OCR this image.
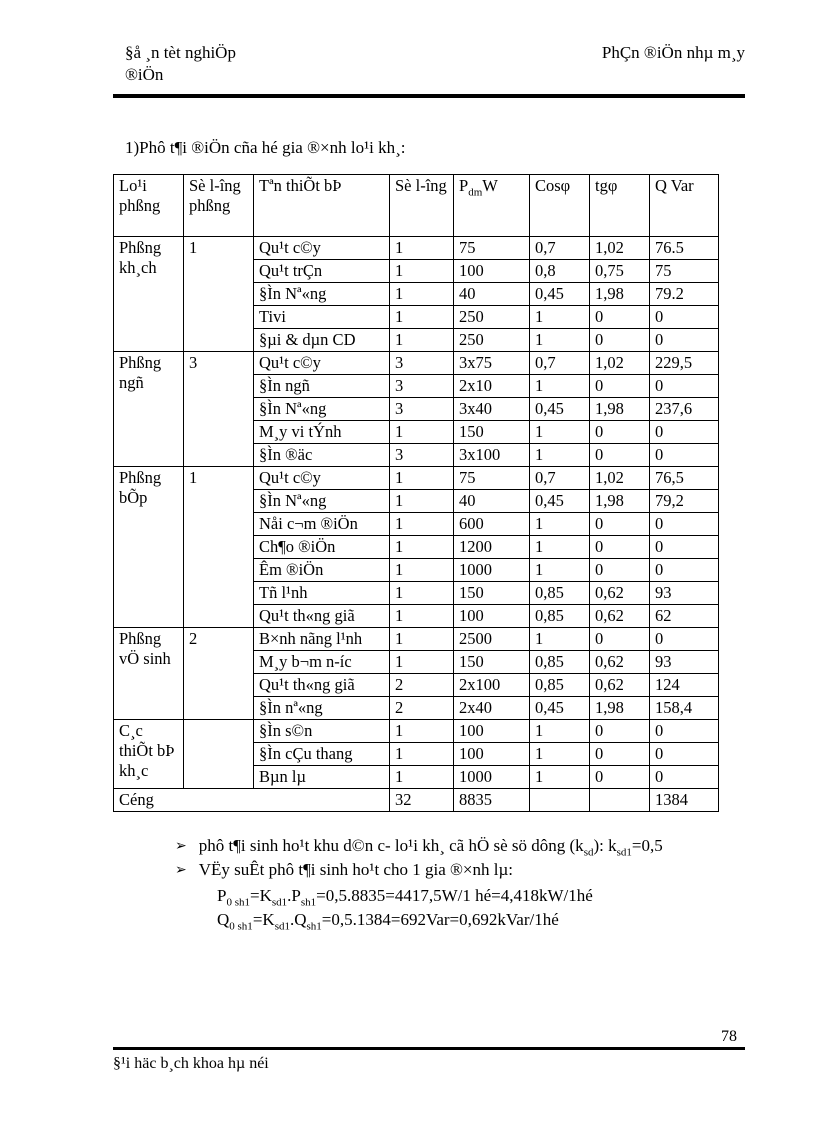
§å ¸n tèt nghiÖp
®iÖn
PhÇn ®iÖn nhµ m¸y

1)Phô t¶i ®iÖn cña hé gia ®×nh lo¹i kh¸:

Lo¹i phßng	Sè l-îng phßng	Tªn thiÕt bÞ	Sè l-îng	$P_{dm}W$	Cosφ	tgφ	Q Var
Phßng kh¸ch	1	Qu¹t c©y	1	75	0,7	1,02	76.5
		Qu¹t trÇn	1	100	0,8	0,75	75
		§Ìn Nª«ng	1	40	0,45	1,98	79.2
		Tivi	1	250	1	0	0
		§µi & dµn CD	1	250	1	0	0
Phßng ngñ	3	Qu¹t c©y	3	3x75	0,7	1,02	229,5
		§Ìn ngñ	3	2x10	1	0	0
		§Ìn Nª«ng	3	3x40	0,45	1,98	237,6
		M¸y vi tÝnh	1	150	1	0	0
		§Ìn ®äc	3	3x100	1	0	0
Phßng bÕp	1	Qu¹t c©y	1	75	0,7	1,02	76,5
		§Ìn Nª«ng	1	40	0,45	1,98	79,2
		Nåi c¬m ®iÖn	1	600	1	0	0
		Ch¶o ®iÖn	1	1200	1	0	0
		Êm ®iÖn	1	1000	1	0	0
		Tñ l¹nh	1	150	0,85	0,62	93
		Qu¹t th«ng giã	1	100	0,85	0,62	62
Phßng vÖ sinh	2	B×nh nãng l¹nh	1	2500	1	0	0
		M¸y b¬m n-íc	1	150	0,85	0,62	93
		Qu¹t th«ng giã	2	2x100	0,85	0,62	124
		§Ìn nª«ng	2	2x40	0,45	1,98	158,4
C¸c thiÕt bÞ kh¸c		§Ìn s©n	1	100	1	0	0
		§Ìn cÇu thang	1	100	1	0	0
		Bµn lµ	1	1000	1	0	0
Céng			32	8835			1384
➢ phô t¶i sinh ho¹t khu d©n c- lo¹i kh¸ cã hÖ sè sö dông $(k_{sd})$: $k_{sd1}=0,5$
➢ VËy suÊt phô t¶i sinh ho¹t cho 1 gia ®×nh lµ:
$P_{0 sh1}=K_{sd1}.P_{sh1}=0,5.8835=4417,5W/1$ hé=4,418kW/1hé
$Q_{0 sh1}=K_{sd1}.Q_{sh1}=0,5.1384=692Var=0,692kVar/1hé$
78
§¹i häc b¸ch khoa hµ néi
